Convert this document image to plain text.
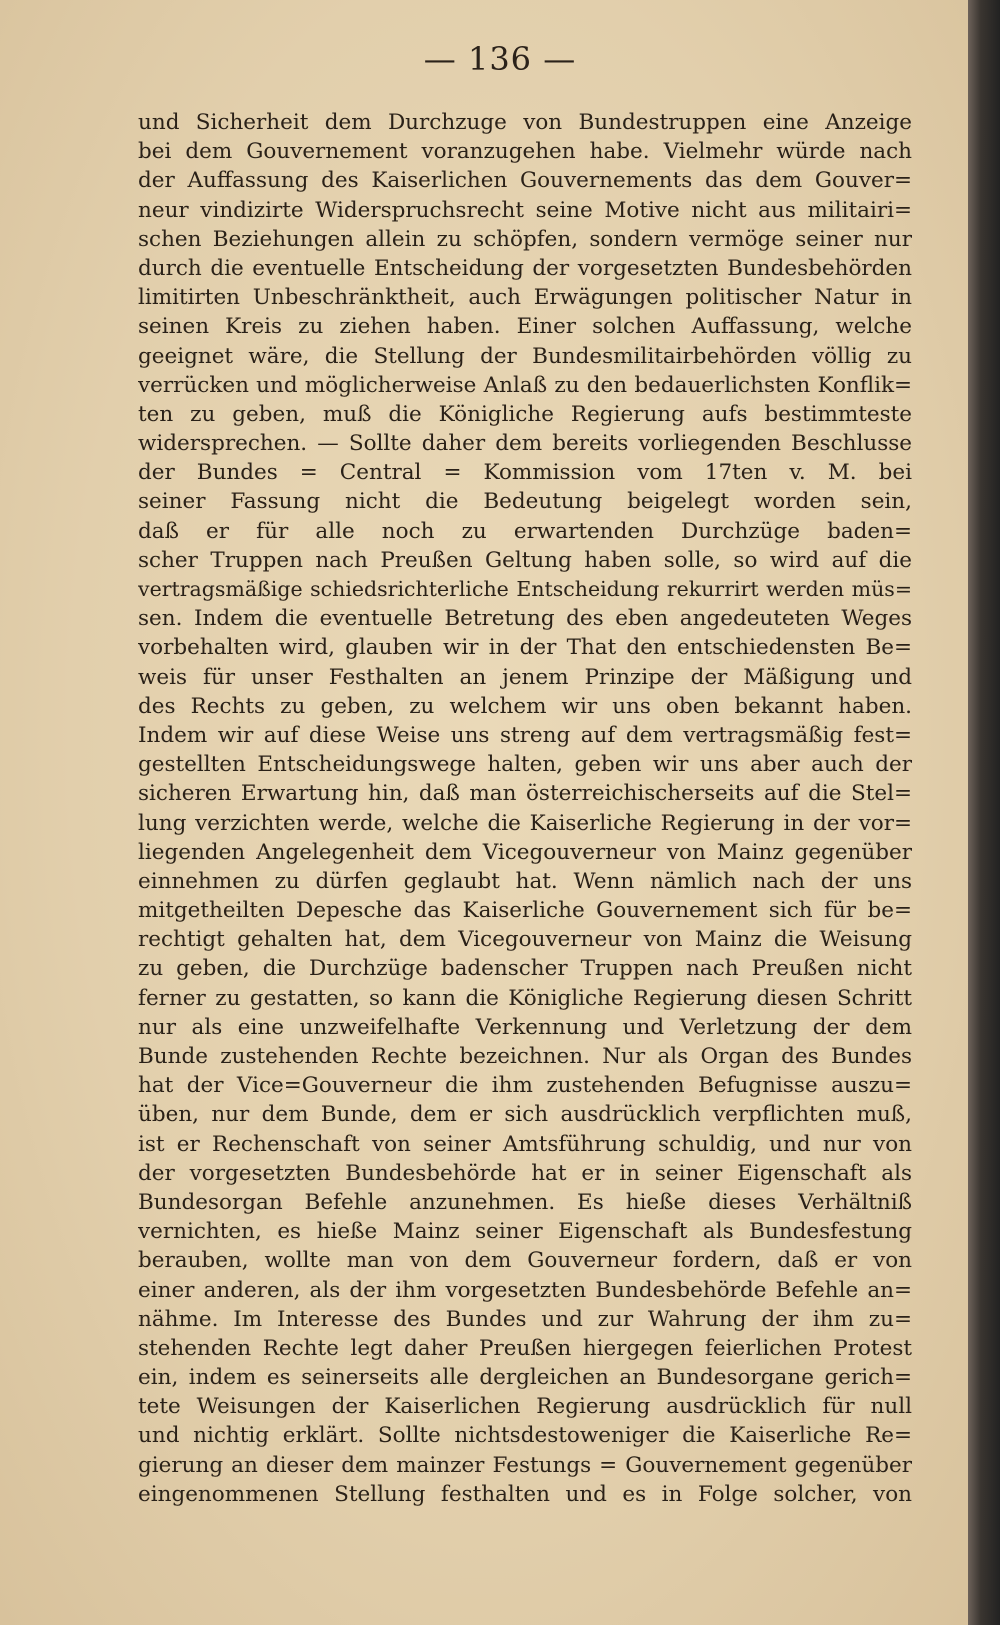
— 136 —
und Sicherheit dem Durchzuge von Bundestruppen eine Anzeige
bei dem Gouvernement voranzugehen habe. Vielmehr würde nach
der Auffassung des Kaiserlichen Gouvernements das dem Gouver=
neur vindizirte Widerspruchsrecht seine Motive nicht aus militairi=
schen Beziehungen allein zu schöpfen, sondern vermöge seiner nur
durch die eventuelle Entscheidung der vorgesetzten Bundesbehörden
limitirten Unbeschränktheit, auch Erwägungen politischer Natur in
seinen Kreis zu ziehen haben. Einer solchen Auffassung, welche
geeignet wäre, die Stellung der Bundesmilitairbehörden völlig zu
verrücken und möglicherweise Anlaß zu den bedauerlichsten Konflik=
ten zu geben, muß die Königliche Regierung aufs bestimmteste
widersprechen. — Sollte daher dem bereits vorliegenden Beschlusse
der Bundes = Central = Kommission vom 17ten v. M. bei
seiner Fassung nicht die Bedeutung beigelegt worden sein,
daß er für alle noch zu erwartenden Durchzüge baden=
scher Truppen nach Preußen Geltung haben solle, so wird auf die
vertragsmäßige schiedsrichterliche Entscheidung rekurrirt werden müs=
sen. Indem die eventuelle Betretung des eben angedeuteten Weges
vorbehalten wird, glauben wir in der That den entschiedensten Be=
weis für unser Festhalten an jenem Prinzipe der Mäßigung und
des Rechts zu geben, zu welchem wir uns oben bekannt haben.
Indem wir auf diese Weise uns streng auf dem vertragsmäßig fest=
gestellten Entscheidungswege halten, geben wir uns aber auch der
sicheren Erwartung hin, daß man österreichischerseits auf die Stel=
lung verzichten werde, welche die Kaiserliche Regierung in der vor=
liegenden Angelegenheit dem Vicegouverneur von Mainz gegenüber
einnehmen zu dürfen geglaubt hat. Wenn nämlich nach der uns
mitgetheilten Depesche das Kaiserliche Gouvernement sich für be=
rechtigt gehalten hat, dem Vicegouverneur von Mainz die Weisung
zu geben, die Durchzüge badenscher Truppen nach Preußen nicht
ferner zu gestatten, so kann die Königliche Regierung diesen Schritt
nur als eine unzweifelhafte Verkennung und Verletzung der dem
Bunde zustehenden Rechte bezeichnen. Nur als Organ des Bundes
hat der Vice=Gouverneur die ihm zustehenden Befugnisse auszu=
üben, nur dem Bunde, dem er sich ausdrücklich verpflichten muß,
ist er Rechenschaft von seiner Amtsführung schuldig, und nur von
der vorgesetzten Bundesbehörde hat er in seiner Eigenschaft als
Bundesorgan Befehle anzunehmen. Es hieße dieses Verhältniß
vernichten, es hieße Mainz seiner Eigenschaft als Bundesfestung
berauben, wollte man von dem Gouverneur fordern, daß er von
einer anderen, als der ihm vorgesetzten Bundesbehörde Befehle an=
nähme. Im Interesse des Bundes und zur Wahrung der ihm zu=
stehenden Rechte legt daher Preußen hiergegen feierlichen Protest
ein, indem es seinerseits alle dergleichen an Bundesorgane gerich=
tete Weisungen der Kaiserlichen Regierung ausdrücklich für null
und nichtig erklärt. Sollte nichtsdestoweniger die Kaiserliche Re=
gierung an dieser dem mainzer Festungs = Gouvernement gegenüber
eingenommenen Stellung festhalten und es in Folge solcher, von
